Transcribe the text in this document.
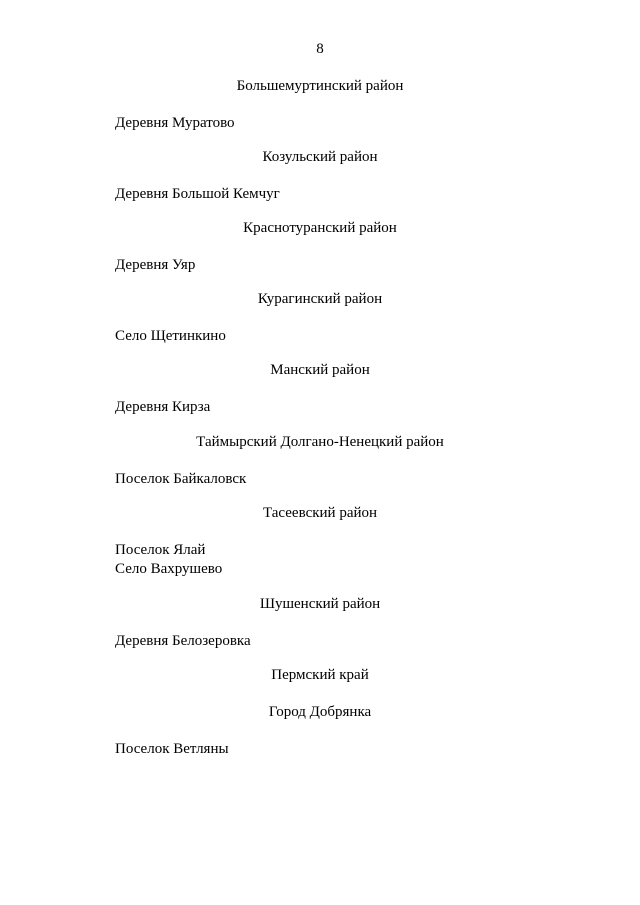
8
Большемуртинский район
Деревня Муратово
Козульский район
Деревня Большой Кемчуг
Краснотуранский район
Деревня Уяр
Курагинский район
Село Щетинкино
Манский район
Деревня Кирза
Таймырский Долгано-Ненецкий район
Поселок Байкаловск
Тасеевский район
Поселок Ялай
Село Вахрушево
Шушенский район
Деревня Белозеровка
Пермский край
Город Добрянка
Поселок Ветляны
